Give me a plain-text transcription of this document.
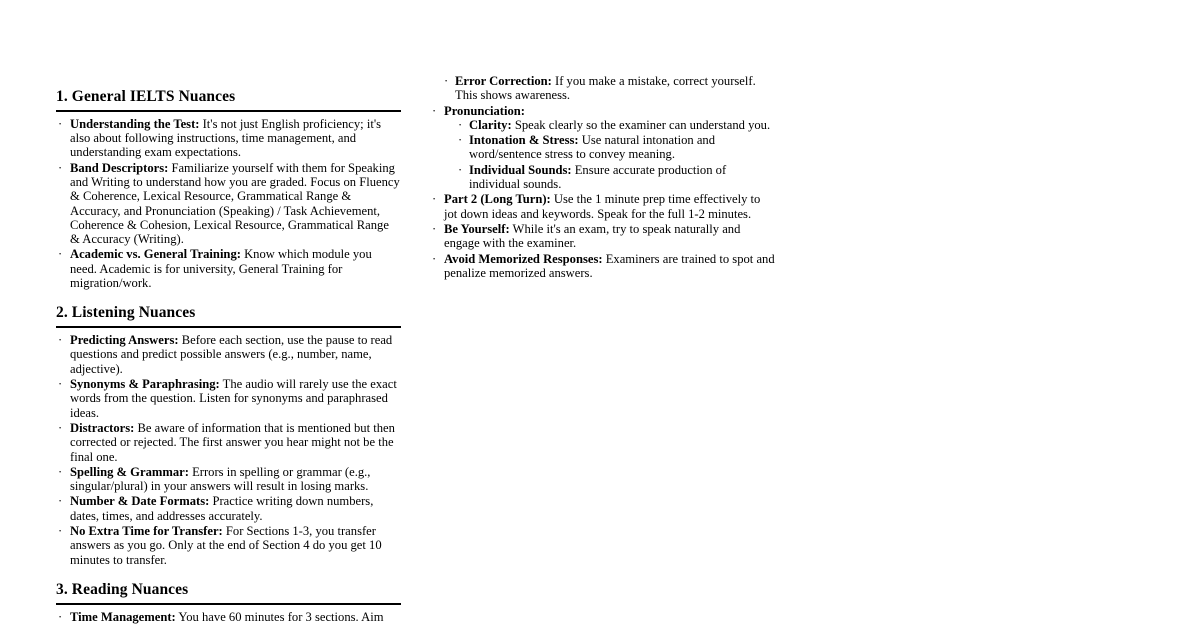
1. General IELTS Nuances
· Understanding the Test: It's not just English proficiency; it's also about following instructions, time management, and understanding exam expectations.
· Band Descriptors: Familiarize yourself with them for Speaking and Writing to understand how you are graded. Focus on Fluency & Coherence, Lexical Resource, Grammatical Range & Accuracy, and Pronunciation (Speaking) / Task Achievement, Coherence & Cohesion, Lexical Resource, Grammatical Range & Accuracy (Writing).
· Academic vs. General Training: Know which module you need. Academic is for university, General Training for migration/work.
2. Listening Nuances
· Predicting Answers: Before each section, use the pause to read questions and predict possible answers (e.g., number, name, adjective).
· Synonyms & Paraphrasing: The audio will rarely use the exact words from the question. Listen for synonyms and paraphrased ideas.
· Distractors: Be aware of information that is mentioned but then corrected or rejected. The first answer you hear might not be the final one.
· Spelling & Grammar: Errors in spelling or grammar (e.g., singular/plural) in your answers will result in losing marks.
· Number & Date Formats: Practice writing down numbers, dates, times, and addresses accurately.
· No Extra Time for Transfer: For Sections 1-3, you transfer answers as you go. Only at the end of Section 4 do you get 10 minutes to transfer.
3. Reading Nuances
· Time Management: You have 60 minutes for 3 sections. Aim
· Error Correction: If you make a mistake, correct yourself. This shows awareness.
· Pronunciation:
· Clarity: Speak clearly so the examiner can understand you.
· Intonation & Stress: Use natural intonation and word/sentence stress to convey meaning.
· Individual Sounds: Ensure accurate production of individual sounds.
· Part 2 (Long Turn): Use the 1 minute prep time effectively to jot down ideas and keywords. Speak for the full 1-2 minutes.
· Be Yourself: While it's an exam, try to speak naturally and engage with the examiner.
· Avoid Memorized Responses: Examiners are trained to spot and penalize memorized answers.
